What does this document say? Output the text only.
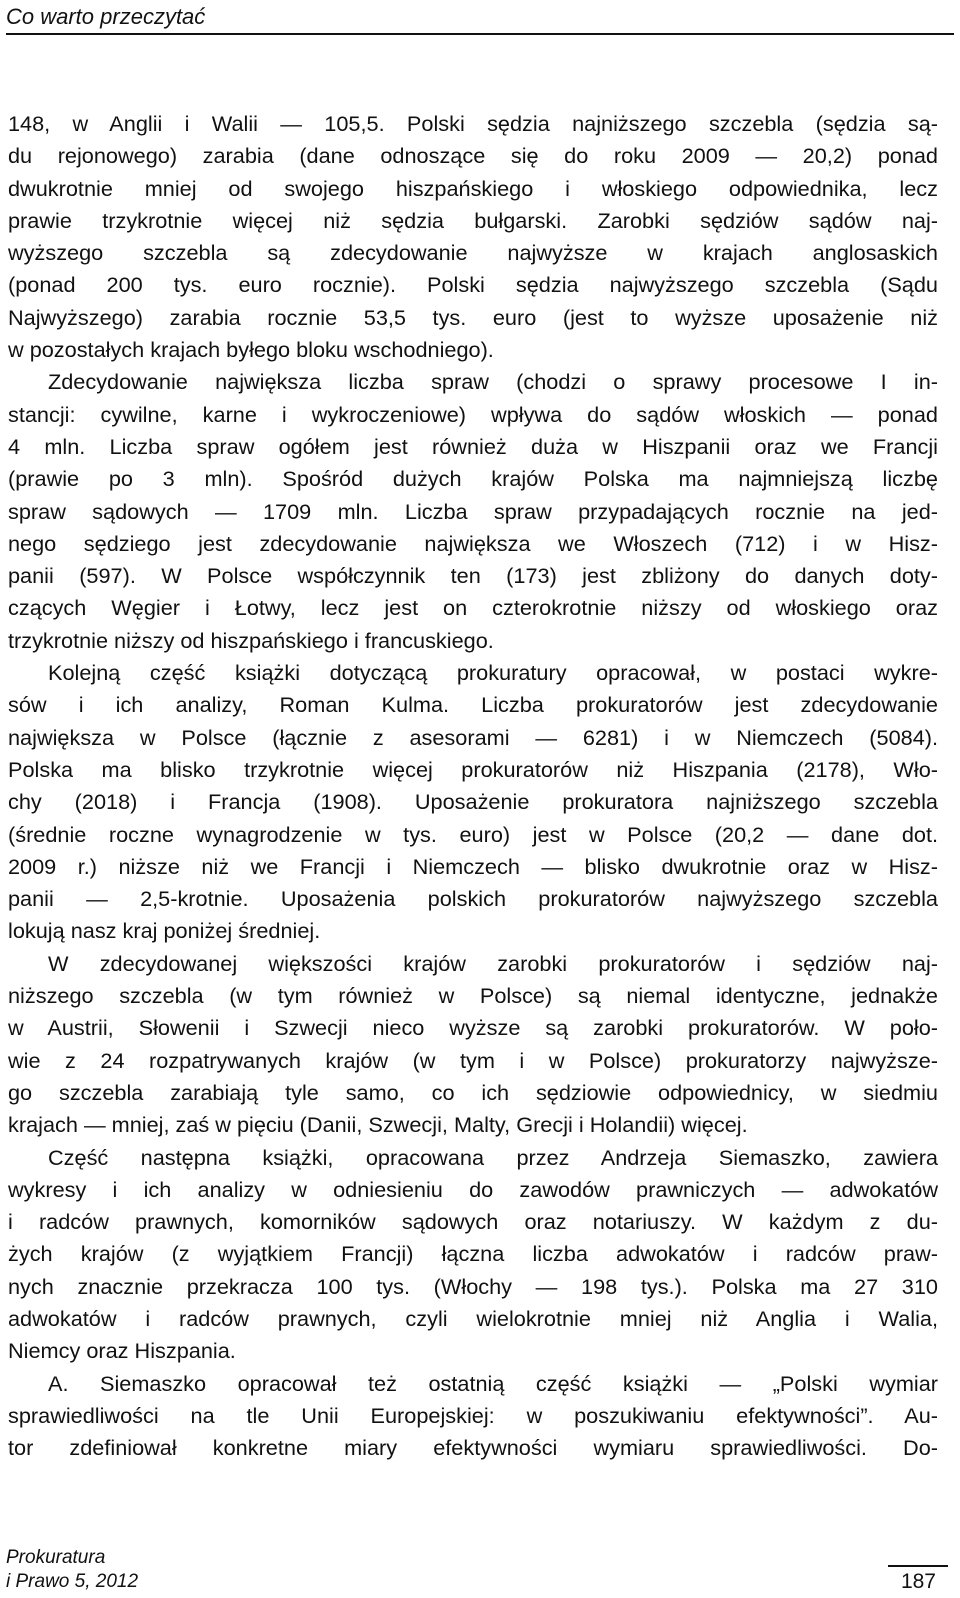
Co warto przeczytać
148, w Anglii i Walii — 105,5. Polski sędzia najniższego szczebla (sędzia są-
du rejonowego) zarabia (dane odnoszące się do roku 2009 — 20,2) ponad
dwukrotnie mniej od swojego hiszpańskiego i włoskiego odpowiednika, lecz
prawie trzykrotnie więcej niż sędzia bułgarski. Zarobki sędziów sądów naj-
wyższego szczebla są zdecydowanie najwyższe w krajach anglosaskich
(ponad 200 tys. euro rocznie). Polski sędzia najwyższego szczebla (Sądu
Najwyższego) zarabia rocznie 53,5 tys. euro (jest to wyższe uposażenie niż
w pozostałych krajach byłego bloku wschodniego).
Zdecydowanie największa liczba spraw (chodzi o sprawy procesowe I in-
stancji: cywilne, karne i wykroczeniowe) wpływa do sądów włoskich — ponad
4 mln. Liczba spraw ogółem jest również duża w Hiszpanii oraz we Francji
(prawie po 3 mln). Spośród dużych krajów Polska ma najmniejszą liczbę
spraw sądowych — 1709 mln. Liczba spraw przypadających rocznie na jed-
nego sędziego jest zdecydowanie największa we Włoszech (712) i w Hisz-
panii (597). W Polsce współczynnik ten (173) jest zbliżony do danych doty-
czących Węgier i Łotwy, lecz jest on czterokrotnie niższy od włoskiego oraz
trzykrotnie niższy od hiszpańskiego i francuskiego.
Kolejną część książki dotyczącą prokuratury opracował, w postaci wykre-
sów i ich analizy, Roman Kulma. Liczba prokuratorów jest zdecydowanie
największa w Polsce (łącznie z asesorami — 6281) i w Niemczech (5084).
Polska ma blisko trzykrotnie więcej prokuratorów niż Hiszpania (2178), Wło-
chy (2018) i Francja (1908). Uposażenie prokuratora najniższego szczebla
(średnie roczne wynagrodzenie w tys. euro) jest w Polsce (20,2 — dane dot.
2009 r.) niższe niż we Francji i Niemczech — blisko dwukrotnie oraz w Hisz-
panii — 2,5-krotnie. Uposażenia polskich prokuratorów najwyższego szczebla
lokują nasz kraj poniżej średniej.
W zdecydowanej większości krajów zarobki prokuratorów i sędziów naj-
niższego szczebla (w tym również w Polsce) są niemal identyczne, jednakże
w Austrii, Słowenii i Szwecji nieco wyższe są zarobki prokuratorów. W poło-
wie z 24 rozpatrywanych krajów (w tym i w Polsce) prokuratorzy najwyższe-
go szczebla zarabiają tyle samo, co ich sędziowie odpowiednicy, w siedmiu
krajach — mniej, zaś w pięciu (Danii, Szwecji, Malty, Grecji i Holandii) więcej.
Część następna książki, opracowana przez Andrzeja Siemaszko, zawiera
wykresy i ich analizy w odniesieniu do zawodów prawniczych — adwokatów
i radców prawnych, komorników sądowych oraz notariuszy. W każdym z du-
żych krajów (z wyjątkiem Francji) łączna liczba adwokatów i radców praw-
nych znacznie przekracza 100 tys. (Włochy — 198 tys.). Polska ma 27 310
adwokatów i radców prawnych, czyli wielokrotnie mniej niż Anglia i Walia,
Niemcy oraz Hiszpania.
A. Siemaszko opracował też ostatnią część książki — „Polski wymiar
sprawiedliwości na tle Unii Europejskiej: w poszukiwaniu efektywności”. Au-
tor zdefiniował konkretne miary efektywności wymiaru sprawiedliwości. Do-
Prokuratura
i Prawo 5, 2012	187
